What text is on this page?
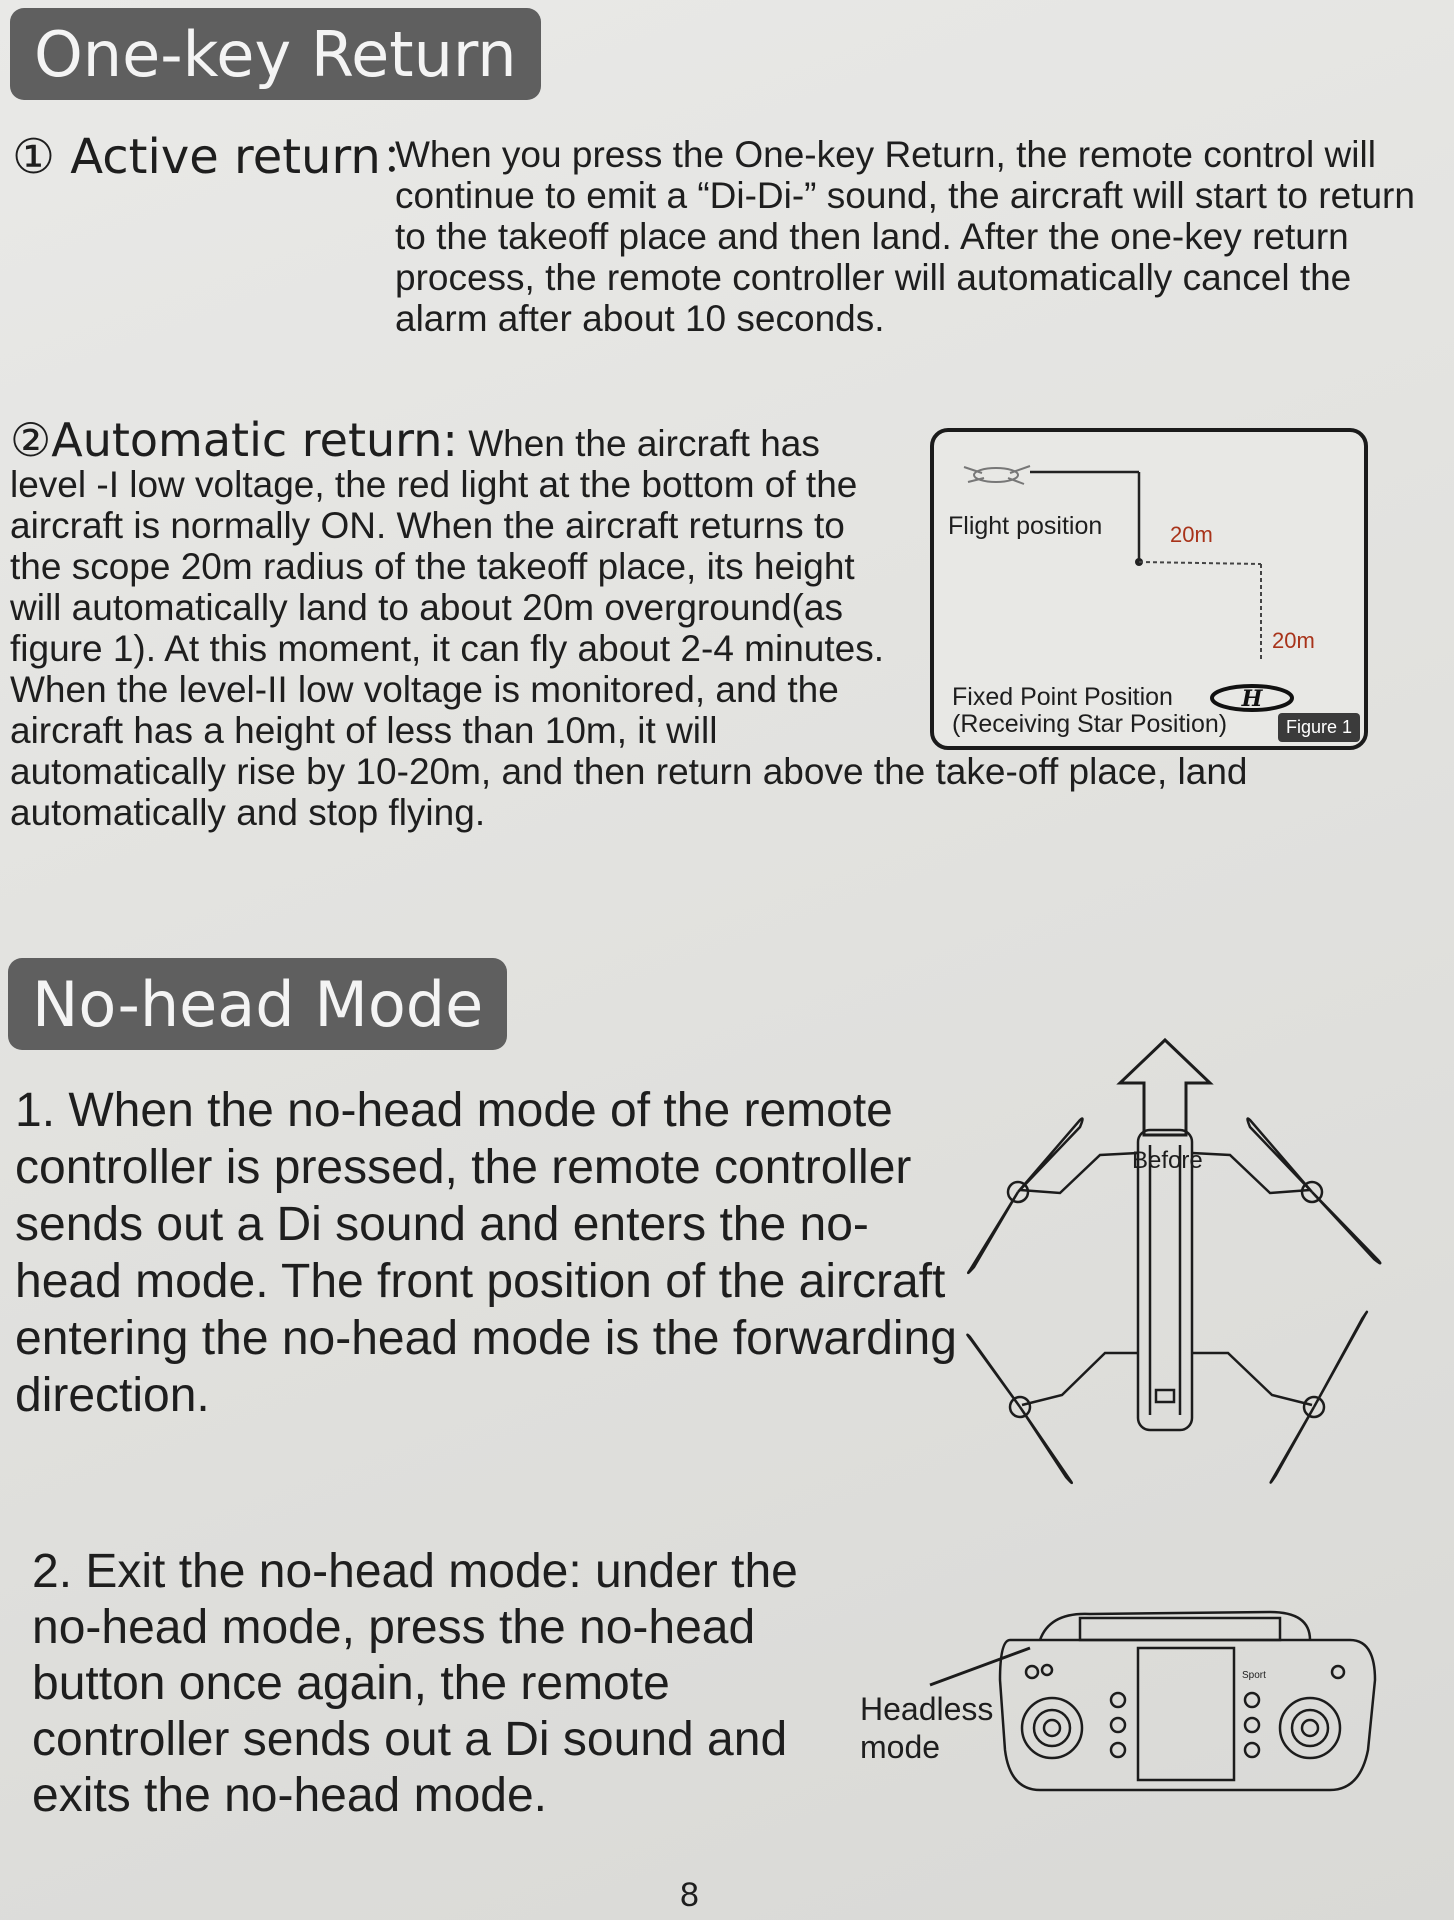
One-key Return
① Active return：

When you press the One-key Return, the remote control will continue to emit a “Di-Di-” sound, the aircraft will start to return to the takeoff place and then land. After the one-key return process, the remote controller will automatically cancel the alarm after about 10 seconds.

②Automatic return: When the aircraft has level -I low voltage, the red light at the bottom of the aircraft is normally ON. When the aircraft returns to the scope 20m radius of the takeoff place, its height will automatically land to about 20m overground(as figure 1). At this moment, it can fly about 2-4 minutes. When the level-II low voltage is monitored, and the aircraft has a height of less than 10m, it will automatically rise by 10-20m, and then return above the take-off place, land automatically and stop flying.
H
Flight position	20m
20m
Fixed Point Position
(Receiving Star Position)	Figure 1
No-head Mode

1. When the no-head mode of the remote controller is pressed, the remote controller sends out a Di sound and enters the no-head mode. The front position of the aircraft entering the no-head mode is the forwarding direction.

Before

2. Exit the no-head mode: under the no-head mode, press the no-head button once again, the remote controller sends out a Di sound and exits the no-head mode.

Headless
mode
Sport
8
